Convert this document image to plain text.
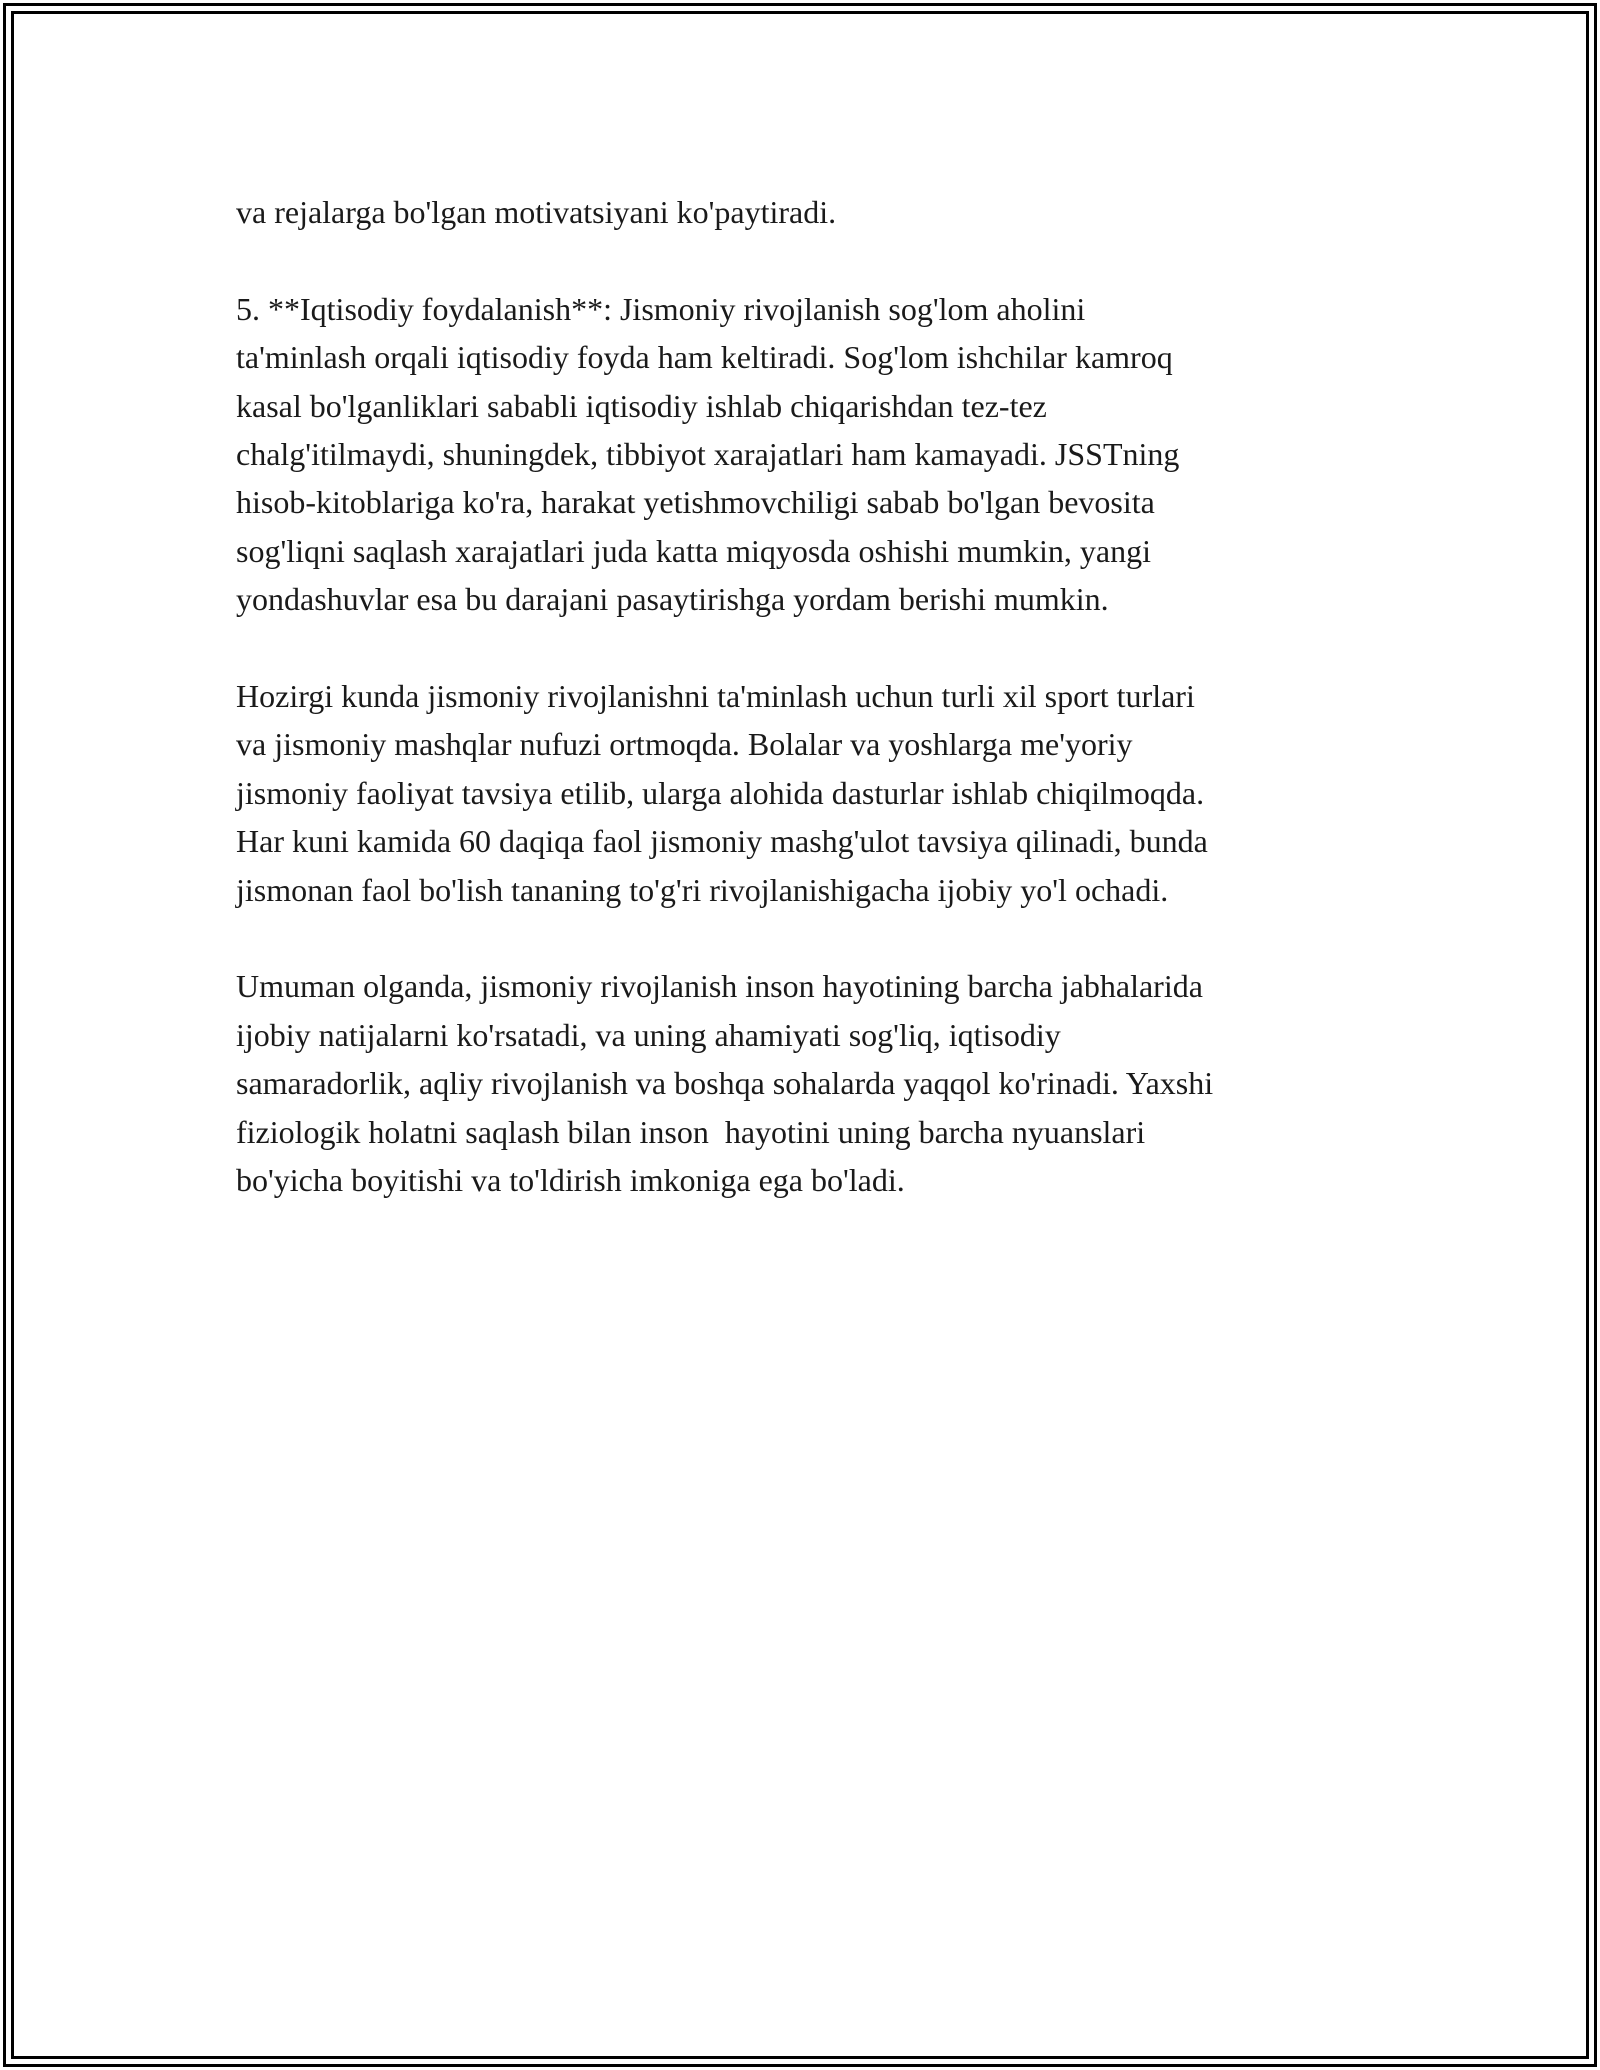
va rejalarga bo'lgan motivatsiyani ko'paytiradi.

5. **Iqtisodiy foydalanish**: Jismoniy rivojlanish sog'lom aholini
ta'minlash orqali iqtisodiy foyda ham keltiradi. Sog'lom ishchilar kamroq
kasal bo'lganliklari sababli iqtisodiy ishlab chiqarishdan tez-tez
chalg'itilmaydi, shuningdek, tibbiyot xarajatlari ham kamayadi. JSSTning
hisob-kitoblariga ko'ra, harakat yetishmovchiligi sabab bo'lgan bevosita
sog'liqni saqlash xarajatlari juda katta miqyosda oshishi mumkin, yangi
yondashuvlar esa bu darajani pasaytirishga yordam berishi mumkin.

Hozirgi kunda jismoniy rivojlanishni ta'minlash uchun turli xil sport turlari
va jismoniy mashqlar nufuzi ortmoqda. Bolalar va yoshlarga me'yoriy
jismoniy faoliyat tavsiya etilib, ularga alohida dasturlar ishlab chiqilmoqda.
Har kuni kamida 60 daqiqa faol jismoniy mashg'ulot tavsiya qilinadi, bunda
jismonan faol bo'lish tananing to'g'ri rivojlanishigacha ijobiy yo'l ochadi.

Umuman olganda, jismoniy rivojlanish inson hayotining barcha jabhalarida
ijobiy natijalarni ko'rsatadi, va uning ahamiyati sog'liq, iqtisodiy
samaradorlik, aqliy rivojlanish va boshqa sohalarda yaqqol ko'rinadi. Yaxshi
fiziologik holatni saqlash bilan inson  hayotini uning barcha nyuanslari
bo'yicha boyitishi va to'ldirish imkoniga ega bo'ladi.
